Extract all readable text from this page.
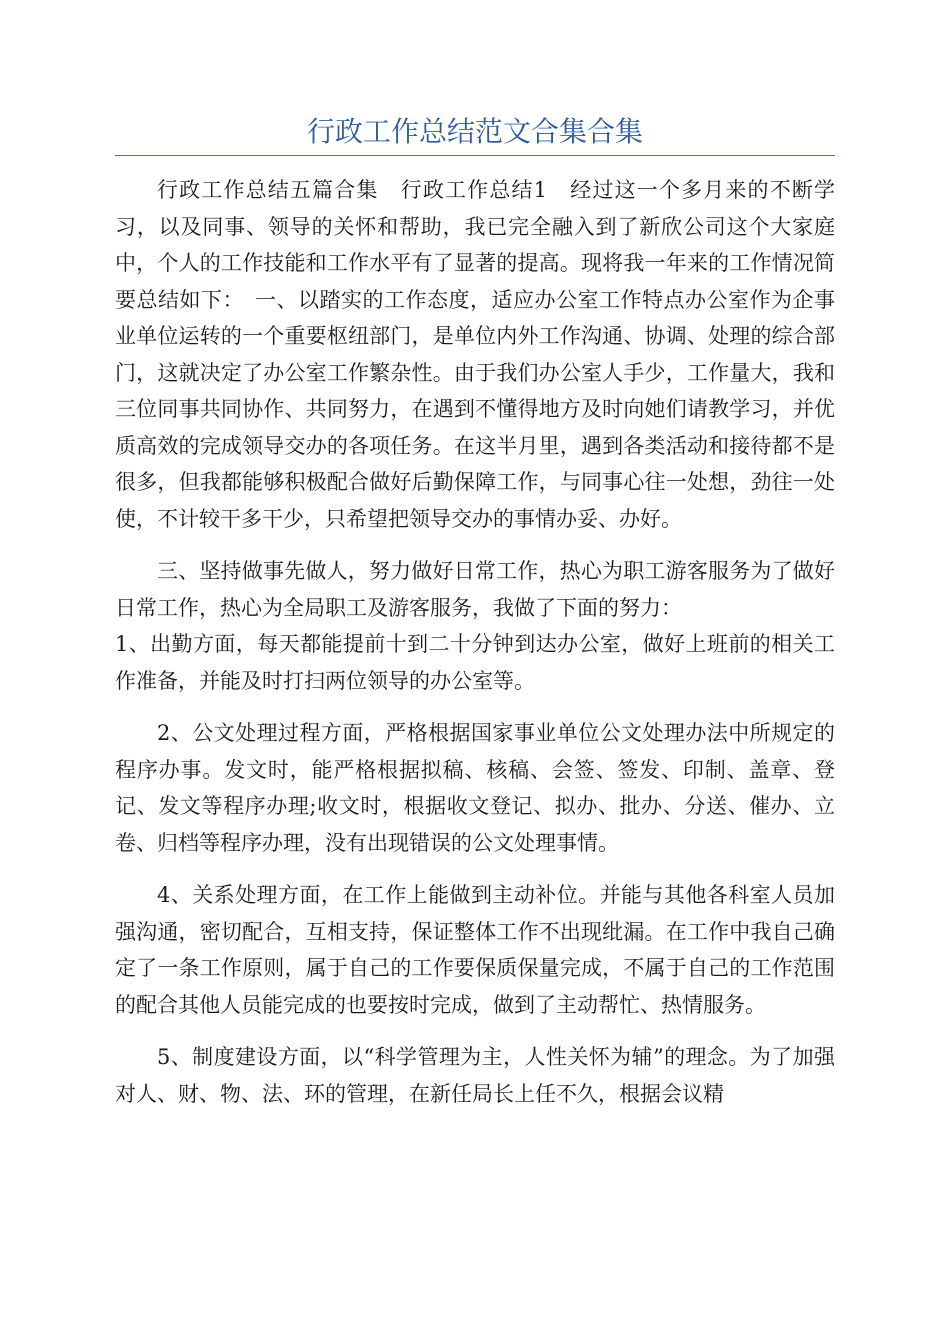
行政工作总结范文合集合集

行政工作总结五篇合集　行政工作总结1　经过这一个多月来的不断学习，以及同事、领导的关怀和帮助，我已完全融入到了新欣公司这个大家庭中，个人的工作技能和工作水平有了显著的提高。现将我一年来的工作情况简要总结如下：　一、以踏实的工作态度，适应办公室工作特点办公室作为企事业单位运转的一个重要枢纽部门，是单位内外工作沟通、协调、处理的综合部门，这就决定了办公室工作繁杂性。由于我们办公室人手少，工作量大，我和三位同事共同协作、共同努力，在遇到不懂得地方及时向她们请教学习，并优质高效的完成领导交办的各项任务。在这半月里，遇到各类活动和接待都不是很多，但我都能够积极配合做好后勤保障工作，与同事心往一处想，劲往一处使，不计较干多干少，只希望把领导交办的事情办妥、办好。

三、坚持做事先做人，努力做好日常工作，热心为职工游客服务为了做好日常工作，热心为全局职工及游客服务，我做了下面的努力：

1、出勤方面，每天都能提前十到二十分钟到达办公室，做好上班前的相关工作准备，并能及时打扫两位领导的办公室等。

2、公文处理过程方面，严格根据国家事业单位公文处理办法中所规定的程序办事。发文时，能严格根据拟稿、核稿、会签、签发、印制、盖章、登记、发文等程序办理;收文时，根据收文登记、拟办、批办、分送、催办、立卷、归档等程序办理，没有出现错误的公文处理事情。

4、关系处理方面，在工作上能做到主动补位。并能与其他各科室人员加强沟通，密切配合，互相支持，保证整体工作不出现纰漏。在工作中我自己确定了一条工作原则，属于自己的工作要保质保量完成，不属于自己的工作范围的配合其他人员能完成的也要按时完成，做到了主动帮忙、热情服务。

5、制度建设方面，以“科学管理为主，人性关怀为辅”的理念。为了加强对人、财、物、法、环的管理，在新任局长上任不久，根据会议精
